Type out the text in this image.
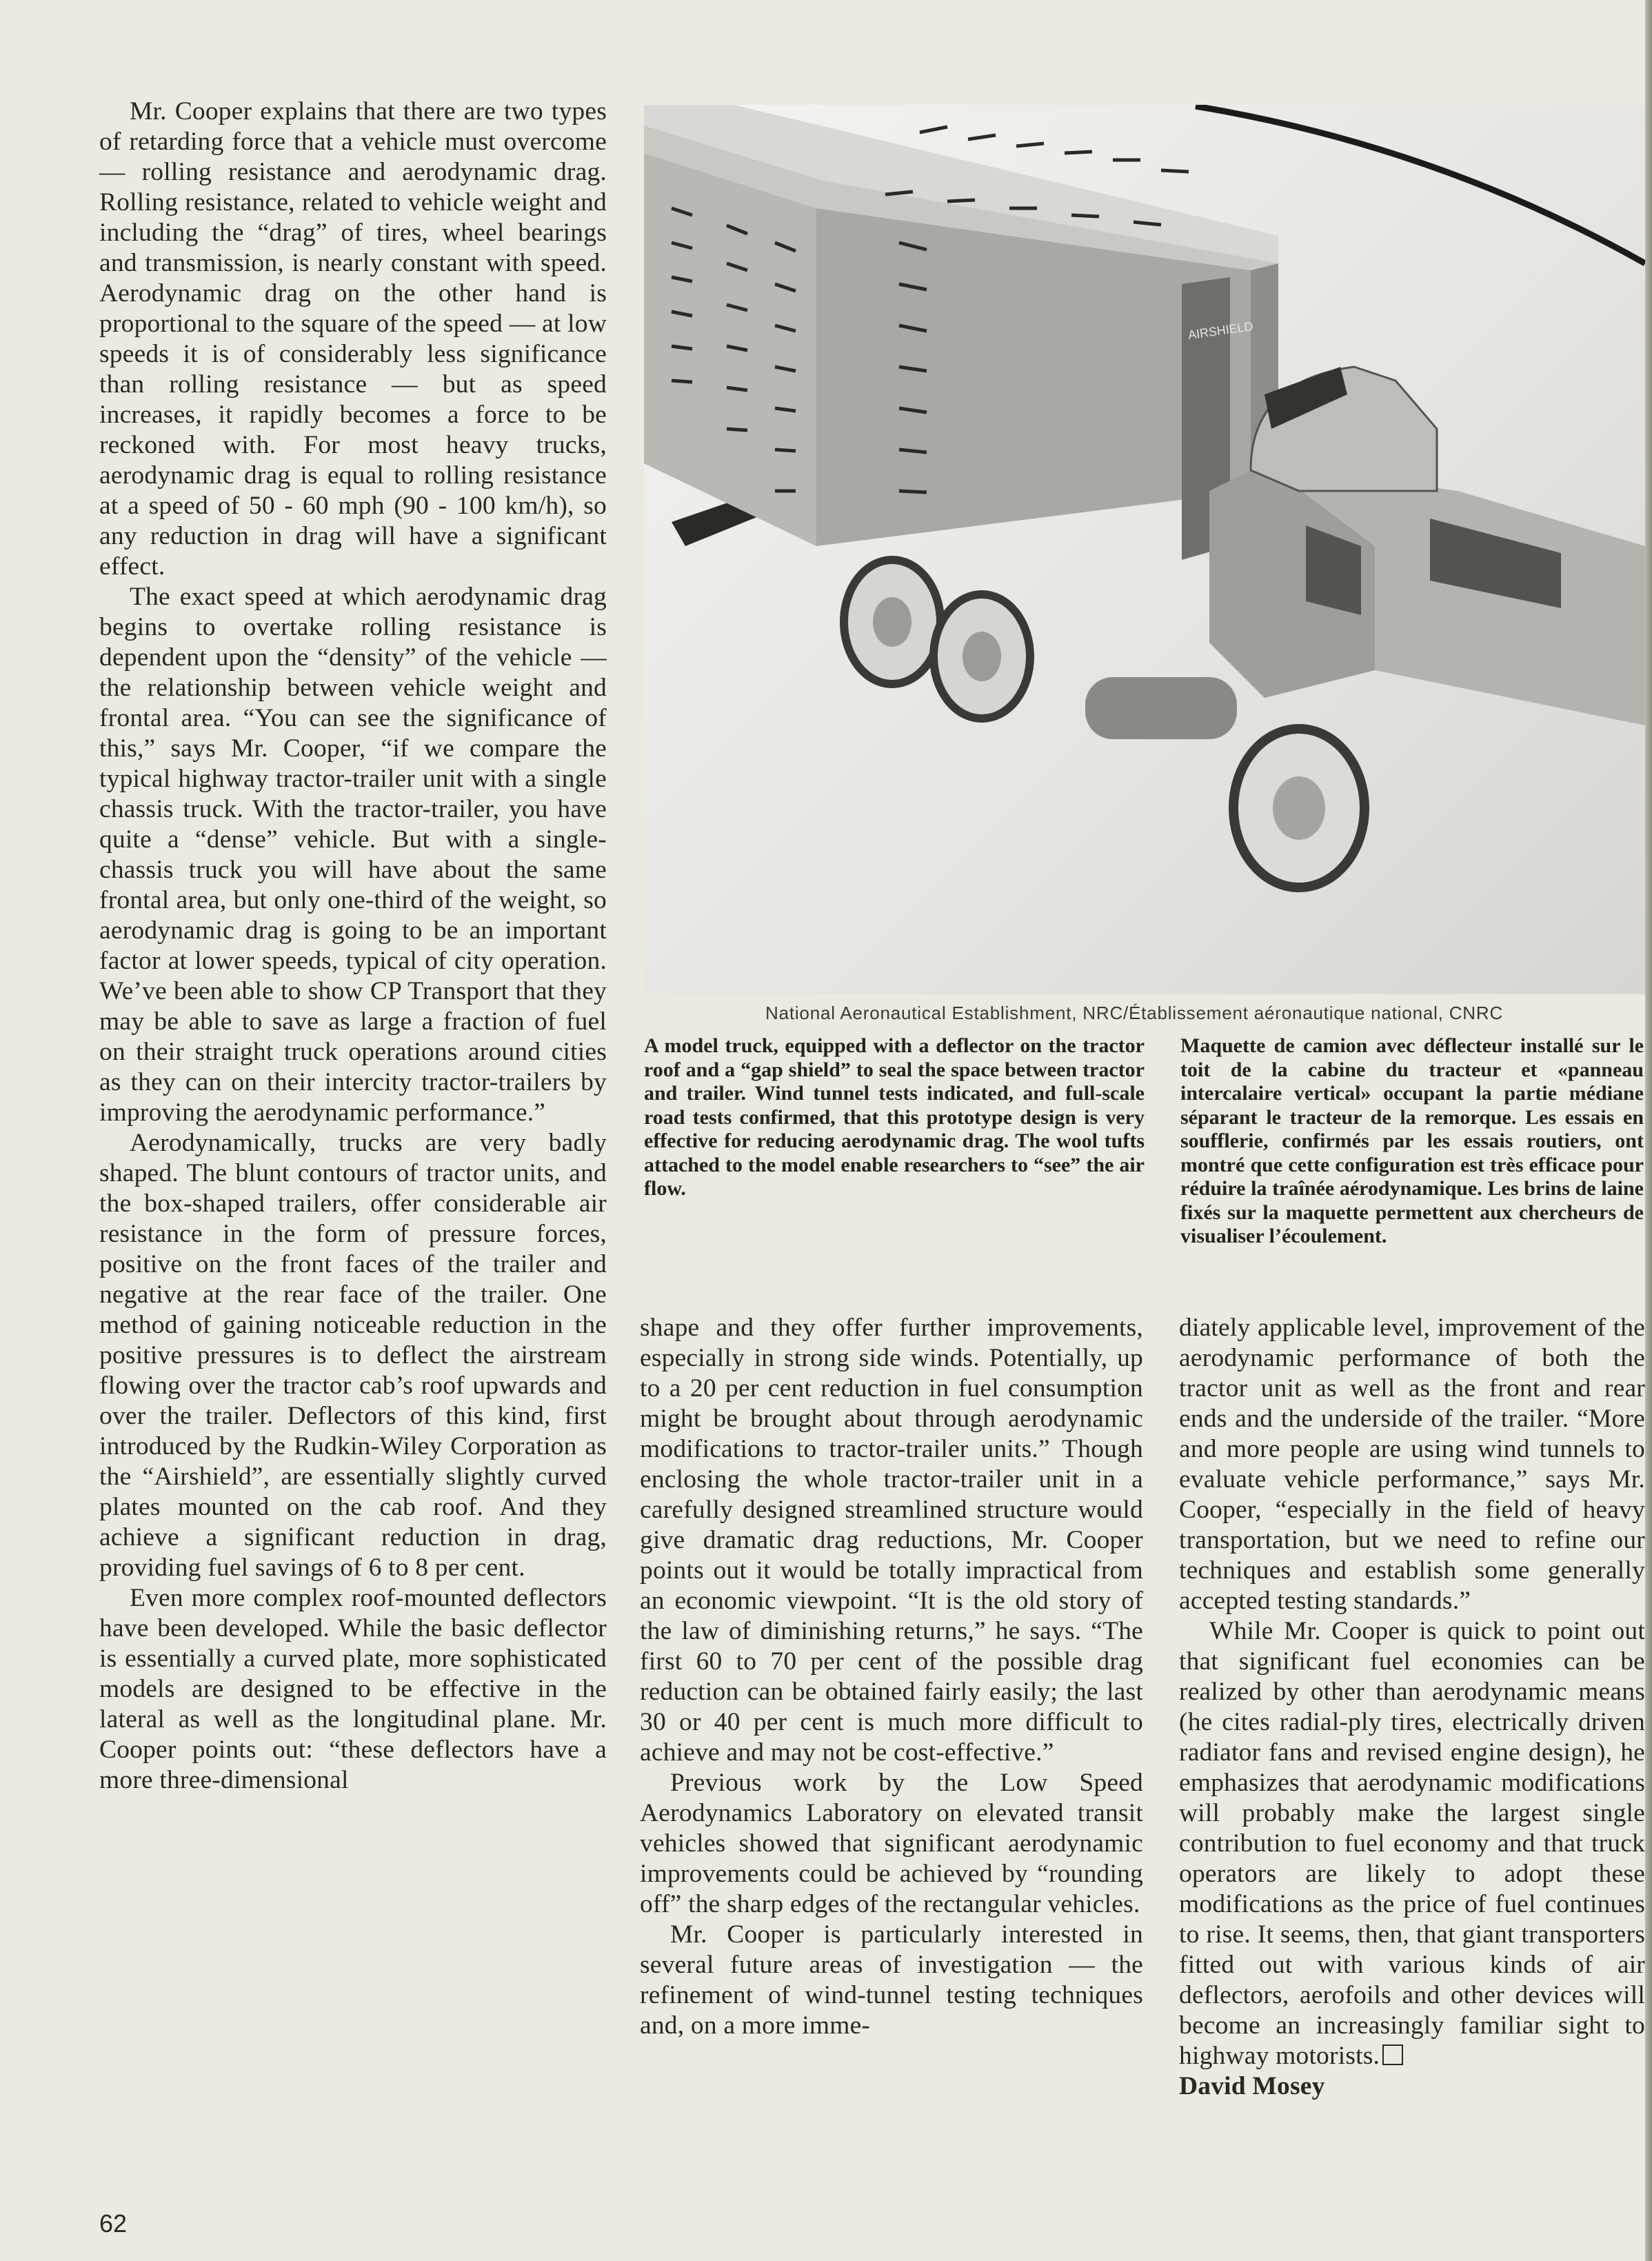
Mr. Cooper explains that there are two types of retarding force that a vehicle must overcome — rolling resistance and aerodynamic drag. Rolling resistance, related to vehicle weight and including the “drag” of tires, wheel bearings and transmission, is nearly constant with speed. Aerodynamic drag on the other hand is proportional to the square of the speed — at low speeds it is of considerably less significance than rolling resistance — but as speed increases, it rapidly becomes a force to be reckoned with. For most heavy trucks, aerodynamic drag is equal to rolling resistance at a speed of 50 - 60 mph (90 - 100 km/h), so any reduction in drag will have a significant effect.

The exact speed at which aerodynamic drag begins to overtake rolling resistance is dependent upon the “density” of the vehicle — the relationship between vehicle weight and frontal area. “You can see the significance of this,” says Mr. Cooper, “if we compare the typical highway tractor-trailer unit with a single chassis truck. With the tractor-trailer, you have quite a “dense” vehicle. But with a single-chassis truck you will have about the same frontal area, but only one-third of the weight, so aerodynamic drag is going to be an important factor at lower speeds, typical of city operation. We’ve been able to show CP Transport that they may be able to save as large a fraction of fuel on their straight truck operations around cities as they can on their intercity tractor-trailers by improving the aerodynamic performance.”

Aerodynamically, trucks are very badly shaped. The blunt contours of tractor units, and the box-shaped trailers, offer considerable air resistance in the form of pressure forces, positive on the front faces of the trailer and negative at the rear face of the trailer. One method of gaining noticeable reduction in the positive pressures is to deflect the airstream flowing over the tractor cab’s roof upwards and over the trailer. Deflectors of this kind, first introduced by the Rudkin-Wiley Corporation as the “Airshield”, are essentially slightly curved plates mounted on the cab roof. And they achieve a significant reduction in drag, providing fuel savings of 6 to 8 per cent.

Even more complex roof-mounted deflectors have been developed. While the basic deflector is essentially a curved plate, more sophisticated models are designed to be effective in the lateral as well as the longitudinal plane. Mr. Cooper points out: “these deflectors have a more three-dimensional

AIRSHIELD
National Aeronautical Establishment, NRC/Établissement aéronautique national, CNRC
A model truck, equipped with a deflector on the tractor roof and a “gap shield” to seal the space between tractor and trailer. Wind tunnel tests indicated, and full-scale road tests confirmed, that this prototype design is very effective for reducing aerodynamic drag. The wool tufts attached to the model enable researchers to “see” the air flow.
Maquette de camion avec déflecteur installé sur le toit de la cabine du tracteur et «panneau intercalaire vertical» occupant la partie médiane séparant le tracteur de la remorque. Les essais en soufflerie, confirmés par les essais routiers, ont montré que cette configuration est très efficace pour réduire la traînée aérodynamique. Les brins de laine fixés sur la maquette permettent aux chercheurs de visualiser l’écoulement.

shape and they offer further improvements, especially in strong side winds. Potentially, up to a 20 per cent reduction in fuel consumption might be brought about through aerodynamic modifications to tractor-trailer units.” Though enclosing the whole tractor-trailer unit in a carefully designed streamlined structure would give dramatic drag reductions, Mr. Cooper points out it would be totally impractical from an economic viewpoint. “It is the old story of the law of diminishing returns,” he says. “The first 60 to 70 per cent of the possible drag reduction can be obtained fairly easily; the last 30 or 40 per cent is much more difficult to achieve and may not be cost-effective.”

Previous work by the Low Speed Aerodynamics Laboratory on elevated transit vehicles showed that significant aerodynamic improvements could be achieved by “rounding off” the sharp edges of the rectangular vehicles.

Mr. Cooper is particularly interested in several future areas of investigation — the refinement of wind-tunnel testing techniques and, on a more imme-

diately applicable level, improvement of the aerodynamic performance of both the tractor unit as well as the front and rear ends and the underside of the trailer. “More and more people are using wind tunnels to evaluate vehicle performance,” says Mr. Cooper, “especially in the field of heavy transportation, but we need to refine our techniques and establish some generally accepted testing standards.”

While Mr. Cooper is quick to point out that significant fuel economies can be realized by other than aerodynamic means (he cites radial-ply tires, electrically driven radiator fans and revised engine design), he emphasizes that aerodynamic modifications will probably make the largest single contribution to fuel economy and that truck operators are likely to adopt these modifications as the price of fuel continues to rise. It seems, then, that giant transporters fitted out with various kinds of air deflectors, aerofoils and other devices will become an increasingly familiar sight to highway motorists.

David Mosey

62
